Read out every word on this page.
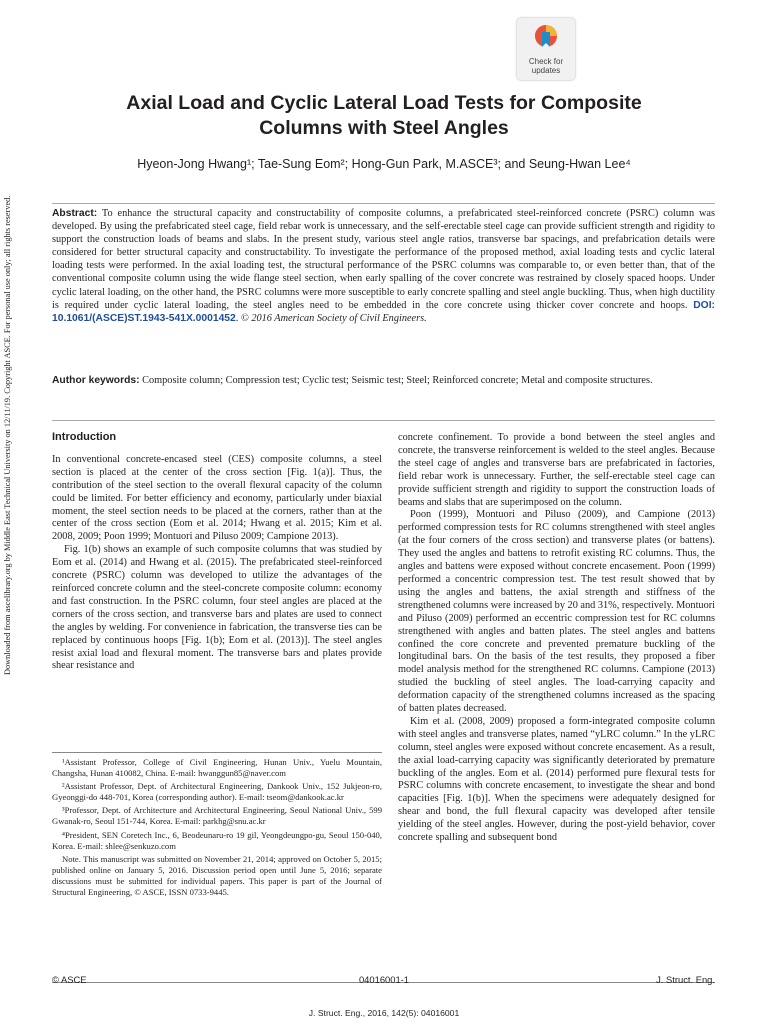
Check for
updates
Axial Load and Cyclic Lateral Load Tests for Composite
Columns with Steel Angles
Hyeon-Jong Hwang¹; Tae-Sung Eom²; Hong-Gun Park, M.ASCE³; and Seung-Hwan Lee⁴
Downloaded from ascelibrary.org by Middle East Technical University on 12/11/19. Copyright ASCE. For personal use only; all rights reserved.	Abstract: To enhance the structural capacity and constructability of composite columns, a prefabricated steel-reinforced concrete (PSRC) column was developed. By using the prefabricated steel cage, field rebar work is unnecessary, and the self-erectable steel cage can provide sufficient strength and rigidity to support the construction loads of beams and slabs. In the present study, various steel angle ratios, transverse bar spacings, and prefabrication details were considered for better structural capacity and constructability. To investigate the performance of the proposed method, axial loading tests and cyclic lateral loading tests were performed. In the axial loading test, the structural performance of the PSRC columns was comparable to, or even better than, that of the conventional composite column using the wide flange steel section, when early spalling of the cover concrete was restrained by closely spaced hoops. Under cyclic lateral loading, on the other hand, the PSRC columns were more susceptible to early concrete spalling and steel angle buckling. Thus, when high ductility is required under cyclic lateral loading, the steel angles need to be embedded in the core concrete using thicker cover concrete and hoops. DOI: 10.1061/(ASCE)ST.1943-541X.0001452. © 2016 American Society of Civil Engineers.
Author keywords: Composite column; Compression test; Cyclic test; Seismic test; Steel; Reinforced concrete; Metal and composite structures.

Introduction

In conventional concrete-encased steel (CES) composite columns, a steel section is placed at the center of the cross section [Fig. 1(a)]. Thus, the contribution of the steel section to the overall flexural capacity of the column could be limited. For better efficiency and economy, particularly under biaxial moment, the steel section needs to be placed at the corners, rather than at the center of the cross section (Eom et al. 2014; Hwang et al. 2015; Kim et al. 2008, 2009; Poon 1999; Montuori and Piluso 2009; Campione 2013).

Fig. 1(b) shows an example of such composite columns that was studied by Eom et al. (2014) and Hwang et al. (2015). The prefabricated steel-reinforced concrete (PSRC) column was developed to utilize the advantages of the reinforced concrete column and the steel-concrete composite column: economy and fast construction. In the PSRC column, four steel angles are placed at the corners of the cross section, and transverse bars and plates are used to connect the angles by welding. For convenience in fabrication, the transverse ties can be replaced by continuous hoops [Fig. 1(b); Eom et al. (2013)]. The steel angles resist axial load and flexural moment. The transverse bars and plates provide shear resistance and

¹Assistant Professor, College of Civil Engineering, Hunan Univ., Yuelu Mountain, Changsha, Hunan 410082, China. E-mail: hwanggun85@naver.com

²Assistant Professor, Dept. of Architectural Engineering, Dankook Univ., 152 Jukjeon-ro, Gyeonggi-do 448-701, Korea (corresponding author). E-mail: tseom@dankook.ac.kr

³Professor, Dept. of Architecture and Architectural Engineering, Seoul National Univ., 599 Gwanak-ro, Seoul 151-744, Korea. E-mail: parkhg@snu.ac.kr

⁴President, SEN Coretech Inc., 6, Beodeunaru-ro 19 gil, Yeongdeungpo-gu, Seoul 150-040, Korea. E-mail: shlee@senkuzo.com

Note. This manuscript was submitted on November 21, 2014; approved on October 5, 2015; published online on January 5, 2016. Discussion period open until June 5, 2016; separate discussions must be submitted for individual papers. This paper is part of the Journal of Structural Engineering, © ASCE, ISSN 0733-9445.

concrete confinement. To provide a bond between the steel angles and concrete, the transverse reinforcement is welded to the steel angles. Because the steel cage of angles and transverse bars are prefabricated in factories, field rebar work is unnecessary. Further, the self-erectable steel cage can provide sufficient strength and rigidity to support the construction loads of beams and slabs that are superimposed on the column.

Poon (1999), Montuori and Piluso (2009), and Campione (2013) performed compression tests for RC columns strengthened with steel angles (at the four corners of the cross section) and transverse plates (or battens). They used the angles and battens to retrofit existing RC columns. Thus, the angles and battens were exposed without concrete encasement. Poon (1999) performed a concentric compression test. The test result showed that by using the angles and battens, the axial strength and stiffness of the strengthened columns were increased by 20 and 31%, respectively. Montuori and Piluso (2009) performed an eccentric compression test for RC columns strengthened with angles and batten plates. The steel angles and battens confined the core concrete and prevented premature buckling of the longitudinal bars. On the basis of the test results, they proposed a fiber model analysis method for the strengthened RC columns. Campione (2013) studied the buckling of steel angles. The load-carrying capacity and deformation capacity of the strengthened columns increased as the spacing of batten plates decreased.

Kim et al. (2008, 2009) proposed a form-integrated composite column with steel angles and transverse plates, named “yLRC column.” In the yLRC column, steel angles were exposed without concrete encasement. As a result, the axial load-carrying capacity was significantly deteriorated by premature buckling of the angles. Eom et al. (2014) performed pure flexural tests for PSRC columns with concrete encasement, to investigate the shear and bond capacities [Fig. 1(b)]. When the specimens were adequately designed for shear and bond, the full flexural capacity was developed after tensile yielding of the steel angles. However, during the post-yield behavior, cover concrete spalling and subsequent bond

© ASCE	04016001-1	J. Struct. Eng.
J. Struct. Eng., 2016, 142(5): 04016001
